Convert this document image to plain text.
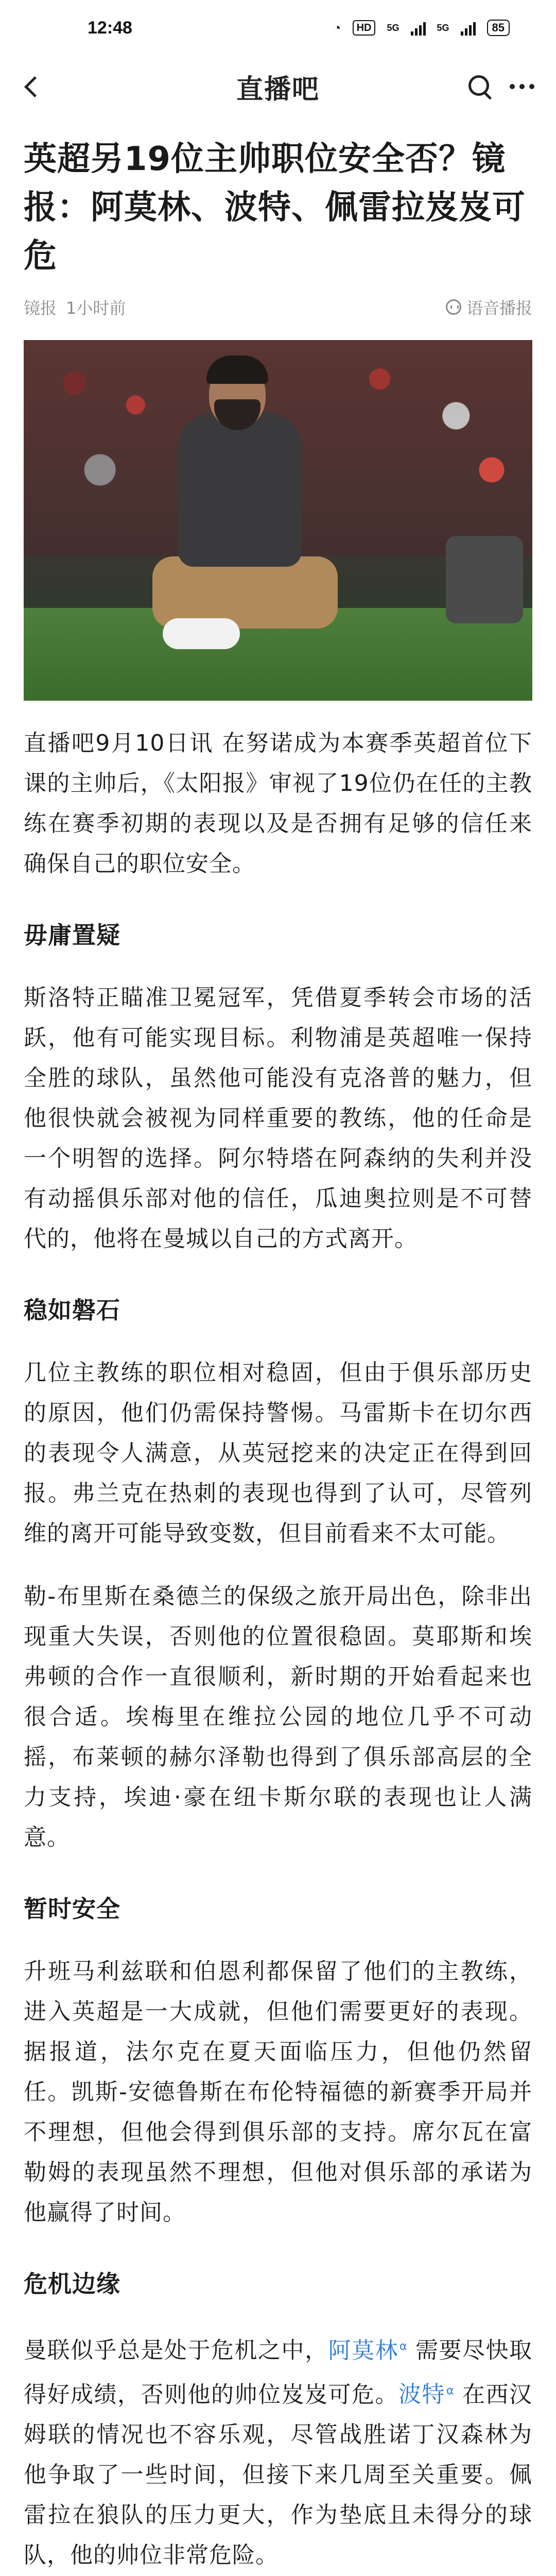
12:48	◔	HD	5G	5G	85
直播吧
英超另19位主帅职位安全否？镜报：阿莫林、波特、佩雷拉岌岌可危
镜报 1小时前	语音播报

直播吧9月10日讯 在努诺成为本赛季英超首位下课的主帅后，《太阳报》审视了19位仍在任的主教练在赛季初期的表现以及是否拥有足够的信任来确保自己的职位安全。

毋庸置疑

斯洛特正瞄准卫冕冠军，凭借夏季转会市场的活跃，他有可能实现目标。利物浦是英超唯一保持全胜的球队，虽然他可能没有克洛普的魅力，但他很快就会被视为同样重要的教练，他的任命是一个明智的选择。阿尔特塔在阿森纳的失利并没有动摇俱乐部对他的信任，瓜迪奥拉则是不可替代的，他将在曼城以自己的方式离开。

稳如磐石

几位主教练的职位相对稳固，但由于俱乐部历史的原因，他们仍需保持警惕。马雷斯卡在切尔西的表现令人满意，从英冠挖来的决定正在得到回报。弗兰克在热刺的表现也得到了认可，尽管列维的离开可能导致变数，但目前看来不太可能。

勒-布里斯在桑德兰的保级之旅开局出色，除非出现重大失误，否则他的位置很稳固。莫耶斯和埃弗顿的合作一直很顺利，新时期的开始看起来也很合适。埃梅里在维拉公园的地位几乎不可动摇，布莱顿的赫尔泽勒也得到了俱乐部高层的全力支持，埃迪·豪在纽卡斯尔联的表现也让人满意。

暂时安全

升班马利兹联和伯恩利都保留了他们的主教练，进入英超是一大成就，但他们需要更好的表现。据报道，法尔克在夏天面临压力，但他仍然留任。凯斯-安德鲁斯在布伦特福德的新赛季开局并不理想，但他会得到俱乐部的支持。席尔瓦在富勒姆的表现虽然不理想，但他对俱乐部的承诺为他赢得了时间。

危机边缘

曼联似乎总是处于危机之中，阿莫林$^\alpha$ 需要尽快取得好成绩，否则他的帅位岌岌可危。波特$^\alpha$ 在西汉姆联的情况也不容乐观，尽管战胜诺丁汉森林为他争取了一些时间，但接下来几周至关重要。佩雷拉在狼队的压力更大，作为垫底且未得分的球队，他的帅位非常危险。
